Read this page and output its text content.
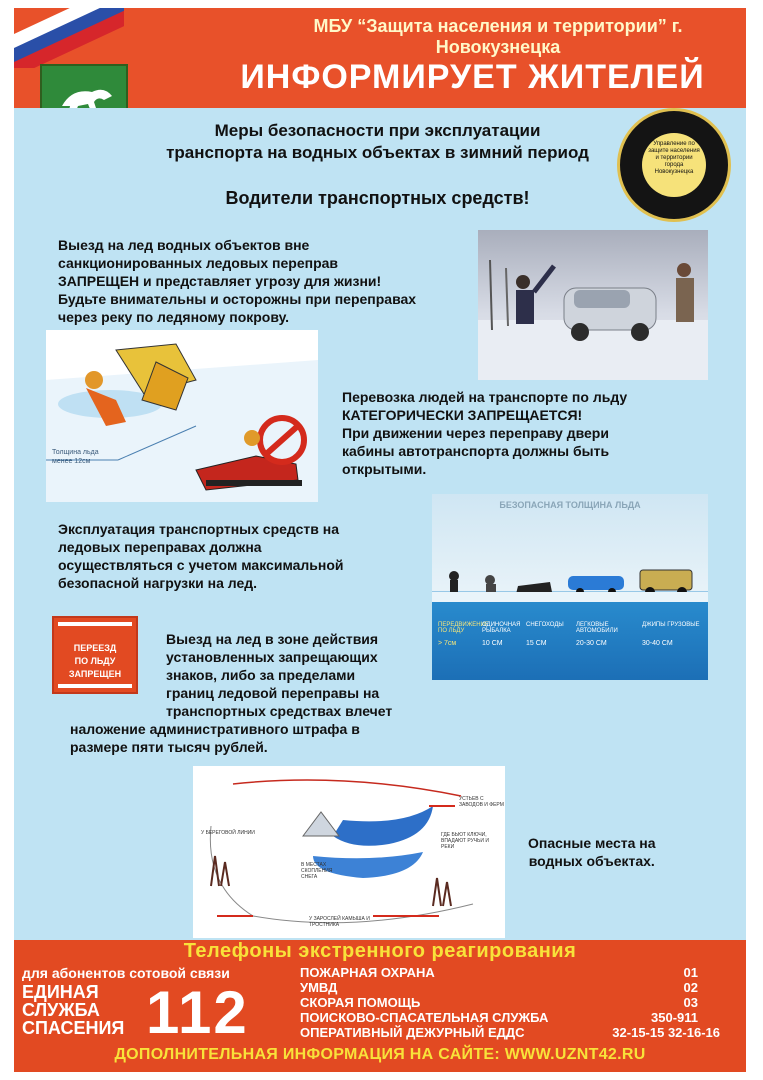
МБУ “Защита населения и территории” г. Новокузнецка
ИНФОРМИРУЕТ ЖИТЕЛЕЙ
Меры безопасности при эксплуатации транспорта на водных объектах в зимний период
Водители транспортных средств!
Управление по защите населения и территории города Новокузнецка
Выезд на лед водных объектов вне
санкционированных ледовых переправ
ЗАПРЕЩЕН и представляет угрозу для жизни!
Будьте внимательны и осторожны при переправах
через реку по ледяному покрову.
Толщина льда
менее 12см
Перевозка людей на транспорте по льду
КАТЕГОРИЧЕСКИ ЗАПРЕЩАЕТСЯ!
При движении через переправу двери
кабины автотранспорта должны быть
открытыми.
Эксплуатация транспортных средств на
ледовых переправах должна
осуществляться с учетом максимальной
безопасной нагрузки на лед.
БЕЗОПАСНАЯ ТОЛЩИНА ЛЬДА
ПЕРЕДВИЖЕНИЕ ПО ЛЬДУ
> 7см
ОДИНОЧНАЯ РЫБАЛКА
10 СМ
СНЕГОХОДЫ
15 СМ
ЛЕГКОВЫЕ АВТОМОБИЛИ
20-30 СМ
ДЖИПЫ ГРУЗОВЫЕ
30-40 СМ
ПЕРЕЕЗД
ПО ЛЬДУ
ЗАПРЕЩЕН
Выезд на лед в зоне действия
установленных запрещающих
знаков, либо за пределами
границ ледовой переправы на
транспортных средствах влечет
наложение административного штрафа в
размере пяти тысяч рублей.
УСТЬЕВ С ЗАВОДОВ И ФЕРМ
ГДЕ БЬЮТ КЛЮЧИ, ВПАДАЮТ РУЧЬИ И РЕКИ
У БЕРЕГОВОЙ ЛИНИИ
В МЕСТАХ СКОПЛЕНИЯ СНЕГА
У ЗАРОСЛЕЙ КАМЫША И ТРОСТНИКА
Опасные места на
водных объектах.
Телефоны экстренного реагирования
для абонентов сотовой связи
ЕДИНАЯ
СЛУЖБА
СПАСЕНИЯ 112
ПОЖАРНАЯ ОХРАНА	01
УМВД	02
СКОРАЯ ПОМОЩЬ	03
ПОИСКОВО-СПАСАТЕЛЬНАЯ СЛУЖБА	350-911
ОПЕРАТИВНЫЙ ДЕЖУРНЫЙ ЕДДС	32-15-15 32-16-16
ДОПОЛНИТЕЛЬНАЯ ИНФОРМАЦИЯ НА САЙТЕ: WWW.UZNT42.RU
